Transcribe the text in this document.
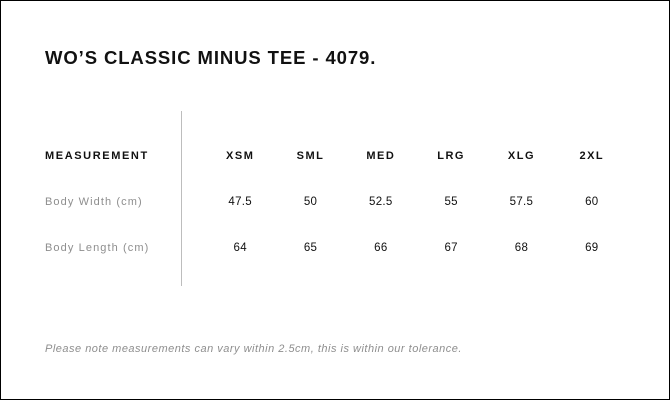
WO’S CLASSIC MINUS TEE - 4079.
MEASUREMENT	XSM	SML	MED	LRG	XLG	2XL
Body Width (cm)	47.5	50	52.5	55	57.5	60
Body Length (cm)	64	65	66	67	68	69
Please note measurements can vary within 2.5cm, this is within our tolerance.
